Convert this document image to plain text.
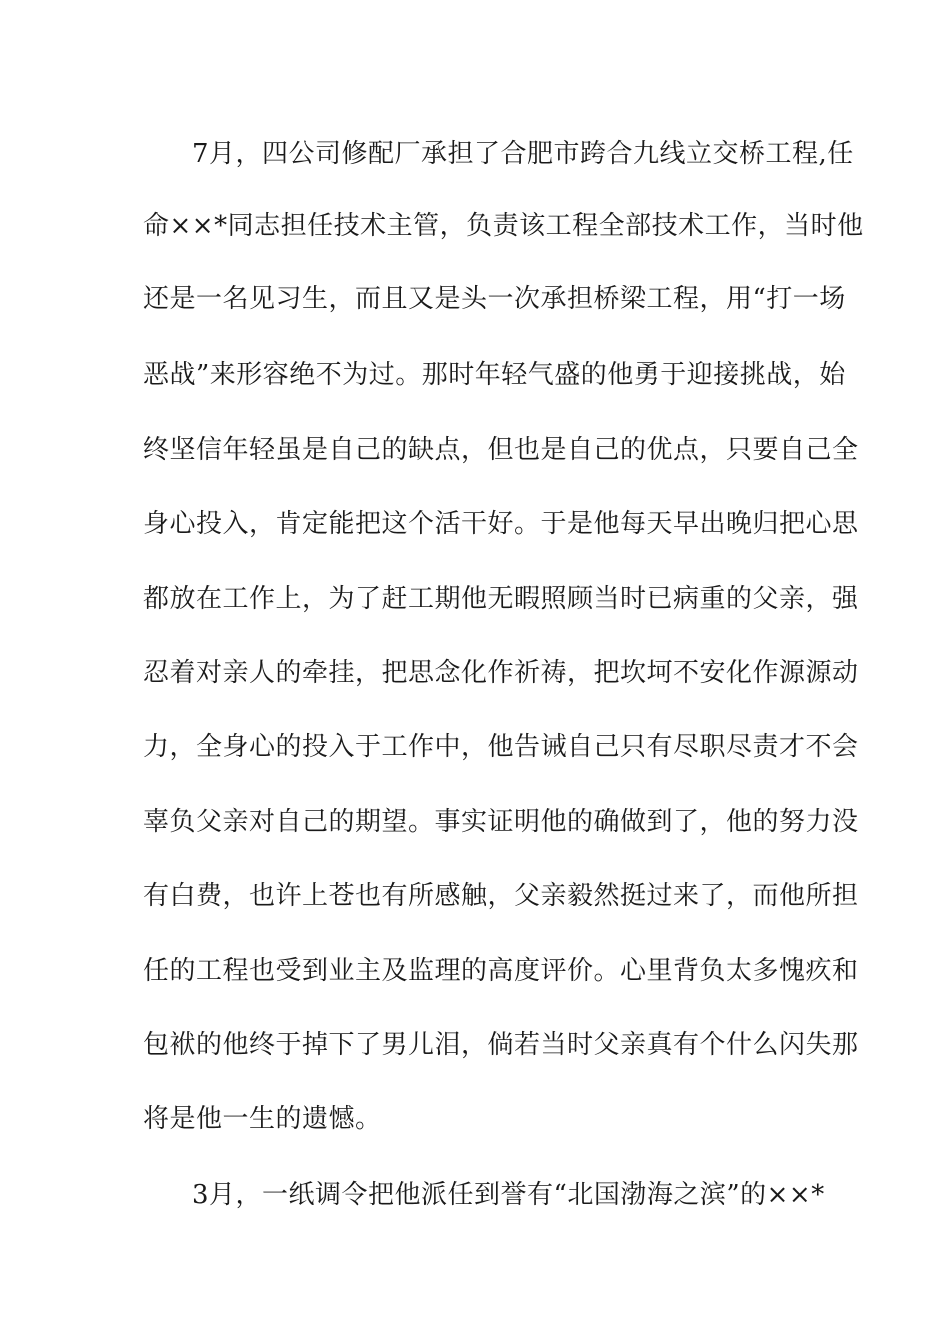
7月，四公司修配厂承担了合肥市跨合九线立交桥工程,任
命××*同志担任技术主管，负责该工程全部技术工作，当时他
还是一名见习生，而且又是头一次承担桥梁工程，用“打一场
恶战”来形容绝不为过。那时年轻气盛的他勇于迎接挑战，始
终坚信年轻虽是自己的缺点，但也是自己的优点，只要自己全
身心投入，肯定能把这个活干好。于是他每天早出晚归把心思
都放在工作上，为了赶工期他无暇照顾当时已病重的父亲，强
忍着对亲人的牵挂，把思念化作祈祷，把坎坷不安化作源源动
力，全身心的投入于工作中，他告诫自己只有尽职尽责才不会
辜负父亲对自己的期望。事实证明他的确做到了，他的努力没
有白费，也许上苍也有所感触，父亲毅然挺过来了，而他所担
任的工程也受到业主及监理的高度评价。心里背负太多愧疚和
包袱的他终于掉下了男儿泪，倘若当时父亲真有个什么闪失那
将是他一生的遗憾。
3月，一纸调令把他派任到誉有“北国渤海之滨”的××*
